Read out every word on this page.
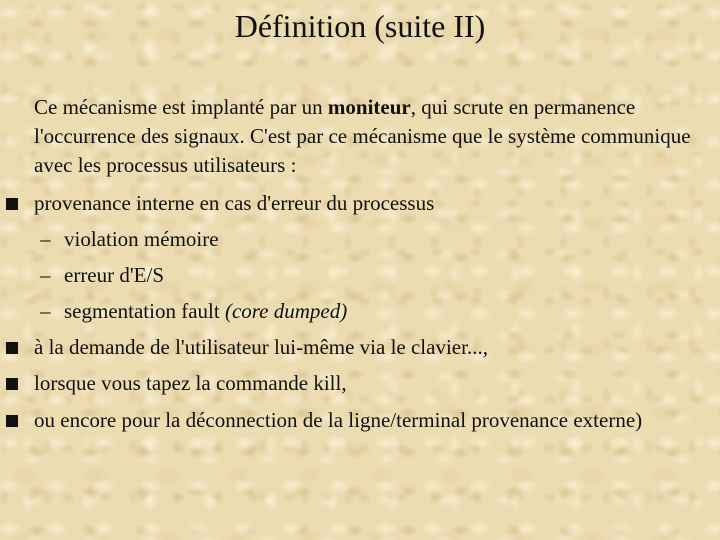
Définition (suite II)

Ce mécanisme est implanté par un moniteur, qui scrute en permanence l'occurrence des signaux. C'est par ce mécanisme que le système communique avec les processus utilisateurs :

provenance interne en cas d'erreur du processus

– violation mémoire

– erreur d'E/S

– segmentation fault (core dumped)

à la demande de l'utilisateur lui-même via le clavier...,

lorsque vous tapez la commande kill,

ou encore pour la déconnection de la ligne/terminal provenance externe)
